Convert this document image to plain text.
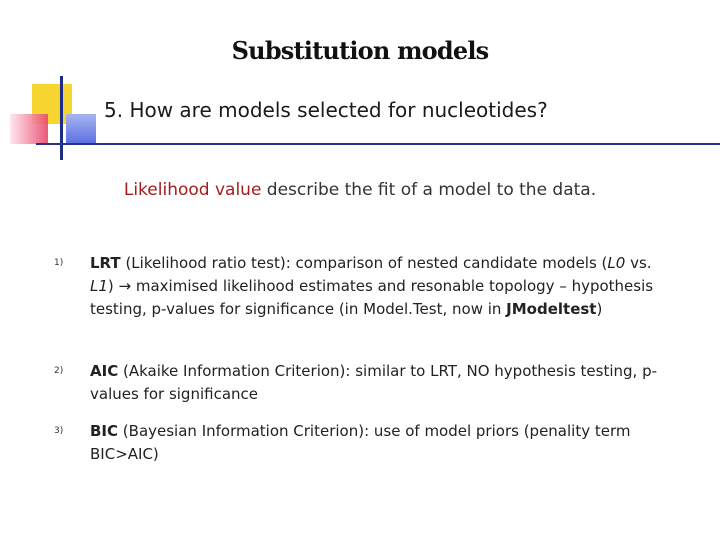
Substitution models
5. How are models selected for nucleotides?
Likelihood value describe the fit of a model to the data.
1) LRT (Likelihood ratio test): comparison of nested candidate models (L0 vs. L1) → maximised likelihood estimates and resonable topology – hypothesis testing, p-values for significance (in Model.Test, now in JModeltest)
2) AIC (Akaike Information Criterion): similar to LRT, NO hypothesis testing, p-values for significance
3) BIC (Bayesian Information Criterion): use of model priors (penality term BIC>AIC)
